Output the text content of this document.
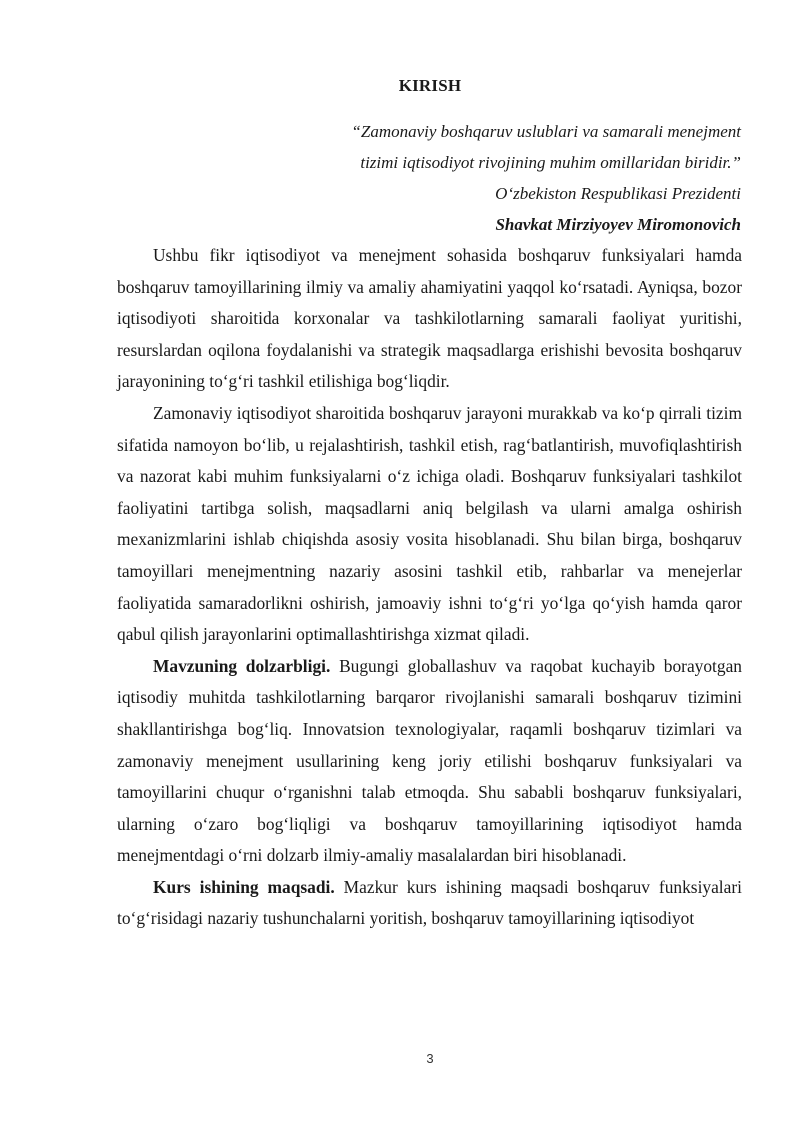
KIRISH
“Zamonaviy boshqaruv uslublari va samarali menejment
tizimi iqtisodiyot rivojining muhim omillaridan biridir.”
O‘zbekiston Respublikasi Prezidenti
Shavkat Mirziyoyev Miromonovich

Ushbu fikr iqtisodiyot va menejment sohasida boshqaruv funksiyalari hamda boshqaruv tamoyillarining ilmiy va amaliy ahamiyatini yaqqol ko‘rsatadi. Ayniqsa, bozor iqtisodiyoti sharoitida korxonalar va tashkilotlarning samarali faoliyat yuritishi, resurslardan oqilona foydalanishi va strategik maqsadlarga erishishi bevosita boshqaruv jarayonining to‘g‘ri tashkil etilishiga bog‘liqdir.

Zamonaviy iqtisodiyot sharoitida boshqaruv jarayoni murakkab va ko‘p qirrali tizim sifatida namoyon bo‘lib, u rejalashtirish, tashkil etish, rag‘batlantirish, muvofiqlashtirish va nazorat kabi muhim funksiyalarni o‘z ichiga oladi. Boshqaruv funksiyalari tashkilot faoliyatini tartibga solish, maqsadlarni aniq belgilash va ularni amalga oshirish mexanizmlarini ishlab chiqishda asosiy vosita hisoblanadi. Shu bilan birga, boshqaruv tamoyillari menejmentning nazariy asosini tashkil etib, rahbarlar va menejerlar faoliyatida samaradorlikni oshirish, jamoaviy ishni to‘g‘ri yo‘lga qo‘yish hamda qaror qabul qilish jarayonlarini optimallashtirishga xizmat qiladi.

Mavzuning dolzarbligi. Bugungi globallashuv va raqobat kuchayib borayotgan iqtisodiy muhitda tashkilotlarning barqaror rivojlanishi samarali boshqaruv tizimini shakllantirishga bog‘liq. Innovatsion texnologiyalar, raqamli boshqaruv tizimlari va zamonaviy menejment usullarining keng joriy etilishi boshqaruv funksiyalari va tamoyillarini chuqur o‘rganishni talab etmoqda. Shu sababli boshqaruv funksiyalari, ularning o‘zaro bog‘liqligi va boshqaruv tamoyillarining iqtisodiyot hamda menejmentdagi o‘rni dolzarb ilmiy-amaliy masalalardan biri hisoblanadi.

Kurs ishining maqsadi. Mazkur kurs ishining maqsadi boshqaruv funksiyalari to‘g‘risidagi nazariy tushunchalarni yoritish, boshqaruv tamoyillarining iqtisodiyot

3
